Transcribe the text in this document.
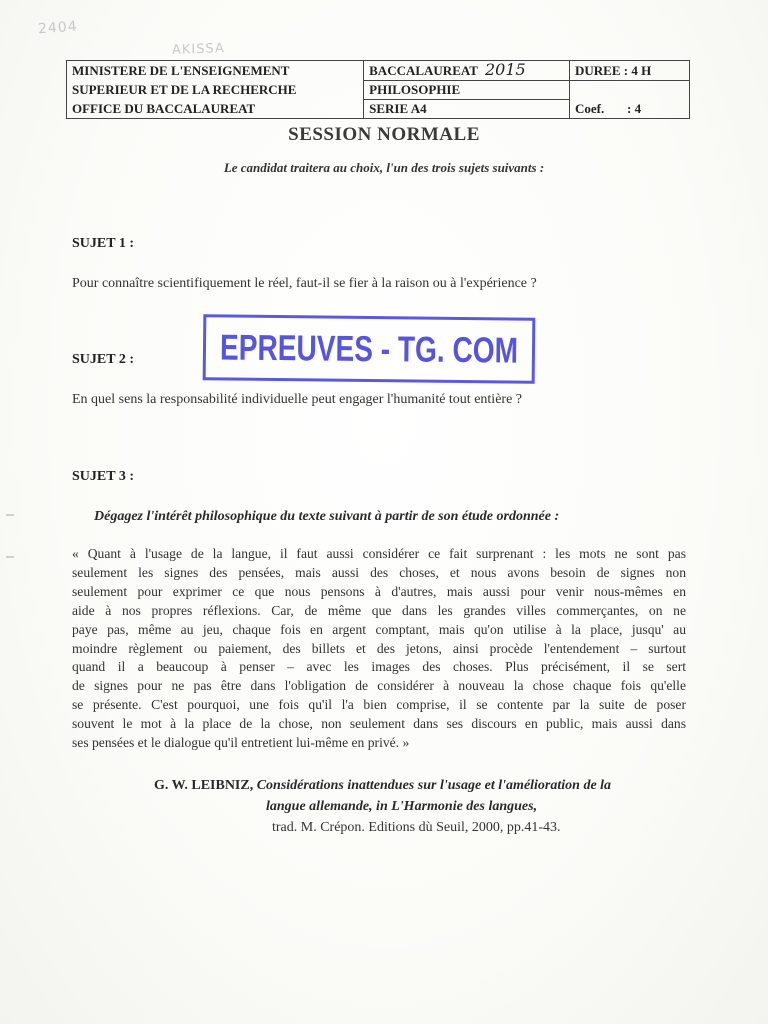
2404
AKISSA
MINISTERE DE L'ENSEIGNEMENT	BACCALAUREAT 2015	DUREE : 4 H
SUPERIEUR ET DE LA RECHERCHE	PHILOSOPHIE	
OFFICE DU BACCALAUREAT	SERIE A4	Coef. : 4
SESSION NORMALE
Le candidat traitera au choix, l'un des trois sujets suivants :
SUJET 1 :
Pour connaître scientifiquement le réel, faut-il se fier à la raison ou à l'expérience ?
EPREUVES - TG. COM
SUJET 2 :
En quel sens la responsabilité individuelle peut engager l'humanité tout entière ?
SUJET 3 :
Dégagez l'intérêt philosophique du texte suivant à partir de son étude ordonnée :
« Quant à l'usage de la langue, il faut aussi considérer ce fait surprenant : les mots ne sont pas
seulement les signes des pensées, mais aussi des choses, et nous avons besoin de signes non
seulement pour exprimer ce que nous pensons à d'autres, mais aussi pour venir nous-mêmes en
aide à nos propres réflexions. Car, de même que dans les grandes villes commerçantes, on ne
paye pas, même au jeu, chaque fois en argent comptant, mais qu'on utilise à la place, jusqu' au
moindre règlement ou paiement, des billets et des jetons, ainsi procède l'entendement – surtout
quand il a beaucoup à penser – avec les images des choses. Plus précisément, il se sert
de signes pour ne pas être dans l'obligation de considérer à nouveau la chose chaque fois qu'elle
se présente. C'est pourquoi, une fois qu'il l'a bien comprise, il se contente par la suite de poser
souvent le mot à la place de la chose, non seulement dans ses discours en public, mais aussi dans
ses pensées et le dialogue qu'il entretient lui-même en privé. »
G. W. LEIBNIZ, Considérations inattendues sur l'usage et l'amélioration de la
langue allemande, in L'Harmonie des langues,
trad. M. Crépon. Editions dù Seuil, 2000, pp.41-43.
